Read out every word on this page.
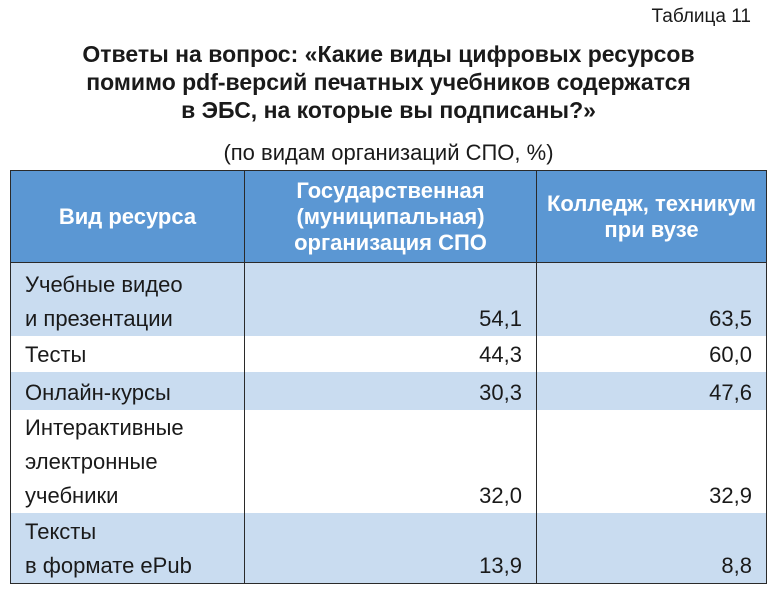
Таблица 11
Ответы на вопрос: «Какие виды цифровых ресурсов
помимо pdf-версий печатных учебников содержатся
в ЭБС, на которые вы подписаны?»
(по видам организаций СПО, %)
Вид ресурса	Государственная (муниципальная) организация СПО	Колледж, техникум при вузе
Учебные видео
и презентации	54,1	63,5
Тесты	44,3	60,0
Онлайн-курсы	30,3	47,6
Интерактивные
электронные
учебники	32,0	32,9
Тексты
в формате ePub	13,9	8,8
